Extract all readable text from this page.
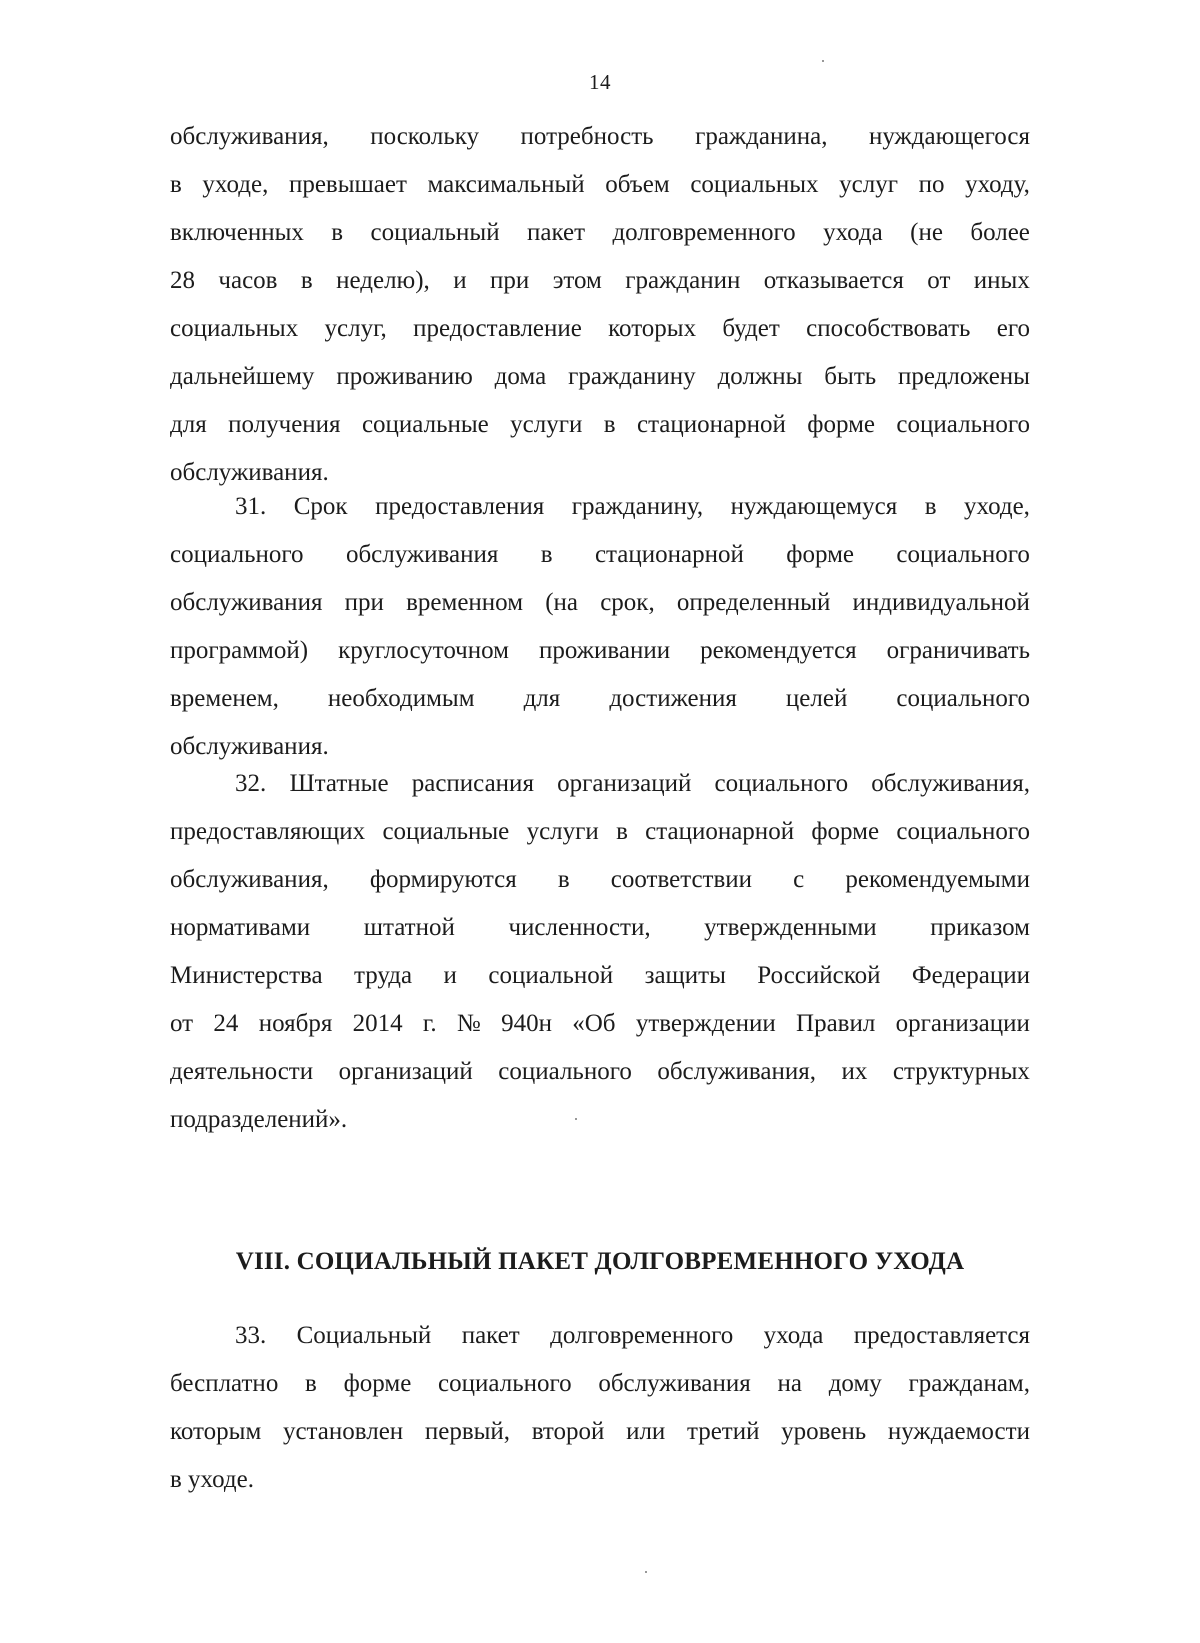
14
обслуживания, поскольку потребность гражданина, нуждающегося
в уходе, превышает максимальный объем социальных услуг по уходу,
включенных в социальный пакет долговременного ухода (не более
28 часов в неделю), и при этом гражданин отказывается от иных
социальных услуг, предоставление которых будет способствовать его
дальнейшему проживанию дома гражданину должны быть предложены
для получения социальные услуги в стационарной форме социального
обслуживания.
31. Срок предоставления гражданину, нуждающемуся в уходе,
социального обслуживания в стационарной форме социального
обслуживания при временном (на срок, определенный индивидуальной
программой) круглосуточном проживании рекомендуется ограничивать
временем, необходимым для достижения целей социального
обслуживания.
32. Штатные расписания организаций социального обслуживания,
предоставляющих социальные услуги в стационарной форме социального
обслуживания, формируются в соответствии с рекомендуемыми
нормативами штатной численности, утвержденными приказом
Министерства труда и социальной защиты Российской Федерации
от 24 ноября 2014 г. № 940н «Об утверждении Правил организации
деятельности организаций социального обслуживания, их структурных
подразделений».
VIII. СОЦИАЛЬНЫЙ ПАКЕТ ДОЛГОВРЕМЕННОГО УХОДА
33. Социальный пакет долговременного ухода предоставляется
бесплатно в форме социального обслуживания на дому гражданам,
которым установлен первый, второй или третий уровень нуждаемости
в уходе.
